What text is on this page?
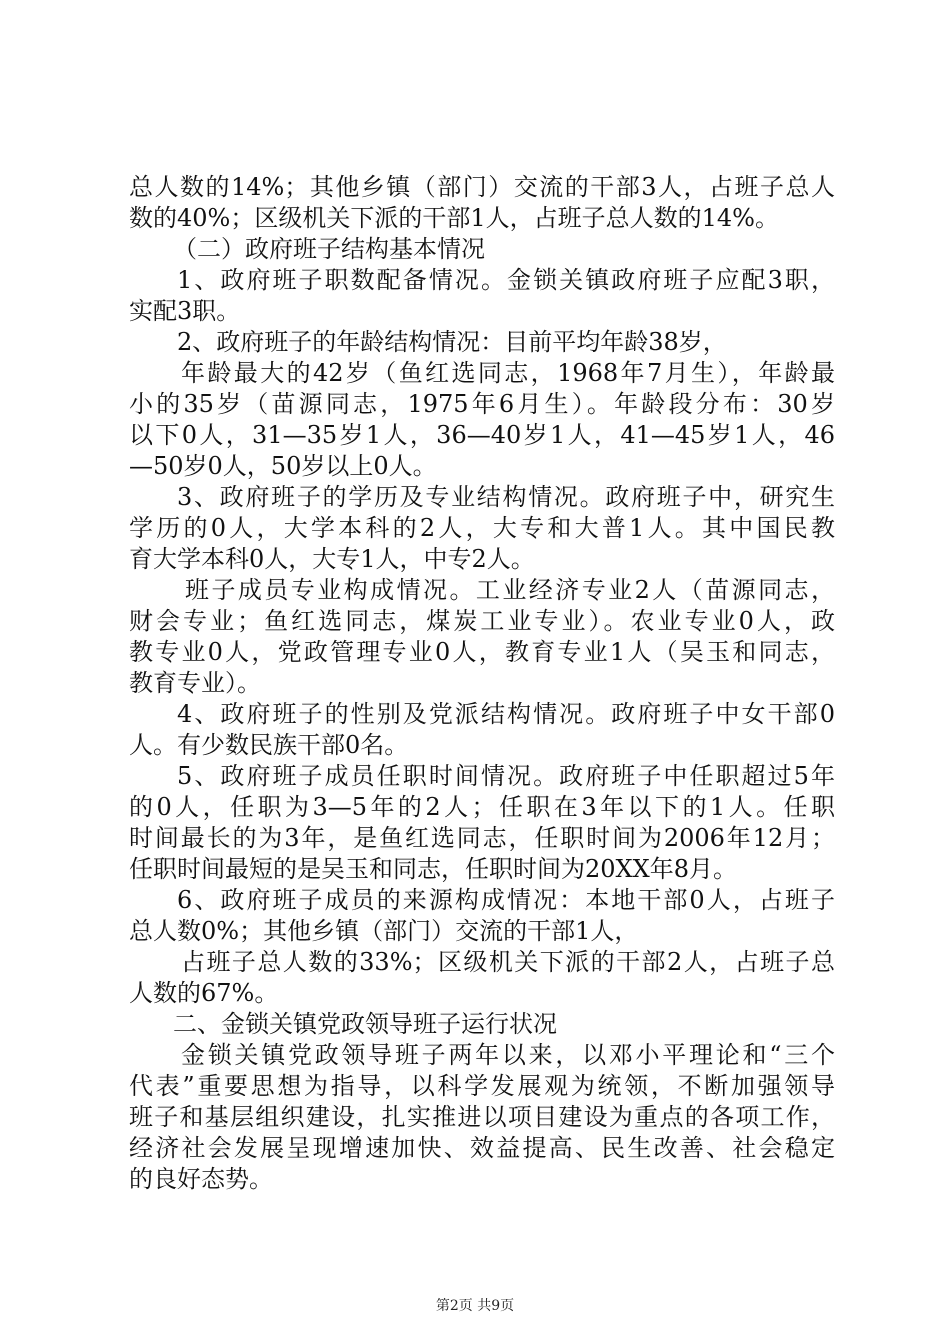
总人数的14%；其他乡镇（部门）交流的干部3人，占班子总人
数的40%；区级机关下派的干部1人，占班子总人数的14%。
（二）政府班子结构基本情况
1、政府班子职数配备情况。金锁关镇政府班子应配3职，
实配3职。
2、政府班子的年龄结构情况：目前平均年龄38岁，
年龄最大的42岁（鱼红选同志，1968年7月生），年龄最
小的35岁（苗源同志，1975年6月生）。年龄段分布：30岁
以下0人，31—35岁1人，36—40岁1人，41—45岁1人，46
—50岁0人，50岁以上0人。
3、政府班子的学历及专业结构情况。政府班子中，研究生
学历的0人，大学本科的2人，大专和大普1人。其中国民教
育大学本科0人，大专1人，中专2人。
班子成员专业构成情况。工业经济专业2人（苗源同志，
财会专业；鱼红选同志，煤炭工业专业）。农业专业0人，政
教专业0人，党政管理专业0人，教育专业1人（吴玉和同志，
教育专业）。
4、政府班子的性别及党派结构情况。政府班子中女干部0
人。有少数民族干部0名。
5、政府班子成员任职时间情况。政府班子中任职超过5年
的0人，任职为3—5年的2人；任职在3年以下的1人。任职
时间最长的为3年，是鱼红选同志，任职时间为2006年12月；
任职时间最短的是吴玉和同志，任职时间为20XX年8月。
6、政府班子成员的来源构成情况：本地干部0人，占班子
总人数0%；其他乡镇（部门）交流的干部1人，
占班子总人数的33%；区级机关下派的干部2人，占班子总
人数的67%。
二、金锁关镇党政领导班子运行状况
金锁关镇党政领导班子两年以来，以邓小平理论和“三个
代表”重要思想为指导，以科学发展观为统领，不断加强领导
班子和基层组织建设，扎实推进以项目建设为重点的各项工作，
经济社会发展呈现增速加快、效益提高、民生改善、社会稳定
的良好态势。
第2页 共9页
